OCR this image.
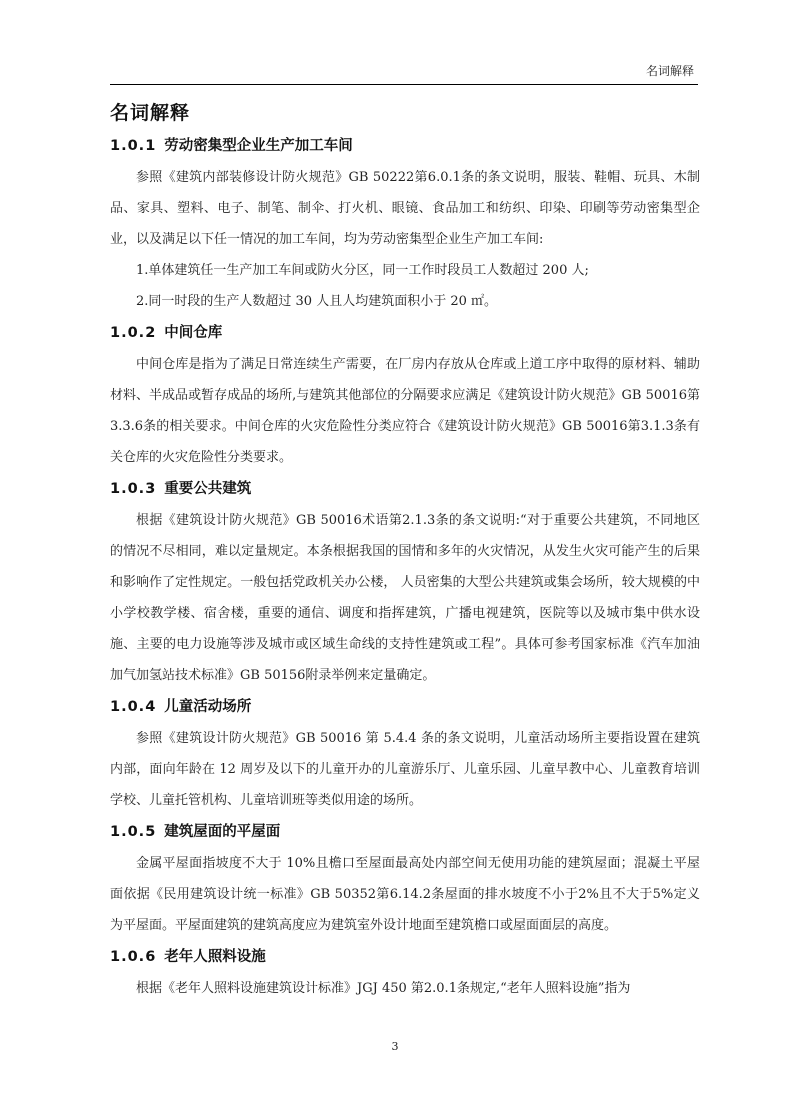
名词解释
名词解释
1.0.1 劳动密集型企业生产加工车间

参照《建筑内部装修设计防火规范》GB 50222第6.0.1条的条文说明，服装、鞋帽、玩具、木制品、家具、塑料、电子、制笔、制伞、打火机、眼镜、食品加工和纺织、印染、印刷等劳动密集型企业，以及满足以下任一情况的加工车间，均为劳动密集型企业生产加工车间:

1.单体建筑任一生产加工车间或防火分区，同一工作时段员工人数超过 200 人;

2.同一时段的生产人数超过 30 人且人均建筑面积小于 20 ㎡。

1.0.2 中间仓库

中间仓库是指为了满足日常连续生产需要，在厂房内存放从仓库或上道工序中取得的原材料、辅助材料、半成品或暂存成品的场所,与建筑其他部位的分隔要求应满足《建筑设计防火规范》GB 50016第3.3.6条的相关要求。中间仓库的火灾危险性分类应符合《建筑设计防火规范》GB 50016第3.1.3条有关仓库的火灾危险性分类要求。

1.0.3 重要公共建筑

根据《建筑设计防火规范》GB 50016术语第2.1.3条的条文说明:“对于重要公共建筑，不同地区的情况不尽相同，难以定量规定。本条根据我国的国情和多年的火灾情况，从发生火灾可能产生的后果和影响作了定性规定。一般包括党政机关办公楼， 人员密集的大型公共建筑或集会场所，较大规模的中小学校教学楼、宿舍楼，重要的通信、调度和指挥建筑，广播电视建筑，医院等以及城市集中供水设施、主要的电力设施等涉及城市或区域生命线的支持性建筑或工程”。具体可参考国家标准《汽车加油加气加氢站技术标准》GB 50156附录举例来定量确定。

1.0.4 儿童活动场所

参照《建筑设计防火规范》GB 50016 第 5.4.4 条的条文说明，儿童活动场所主要指设置在建筑内部，面向年龄在 12 周岁及以下的儿童开办的儿童游乐厅、儿童乐园、儿童早教中心、儿童教育培训学校、儿童托管机构、儿童培训班等类似用途的场所。

1.0.5 建筑屋面的平屋面

金属平屋面指坡度不大于 10%且檐口至屋面最高处内部空间无使用功能的建筑屋面；混凝土平屋面依据《民用建筑设计统一标准》GB 50352第6.14.2条屋面的排水坡度不小于2%且不大于5%定义为平屋面。平屋面建筑的建筑高度应为建筑室外设计地面至建筑檐口或屋面面层的高度。

1.0.6 老年人照料设施

根据《老年人照料设施建筑设计标准》JGJ 450 第2.0.1条规定,“老年人照料设施”指为

3
